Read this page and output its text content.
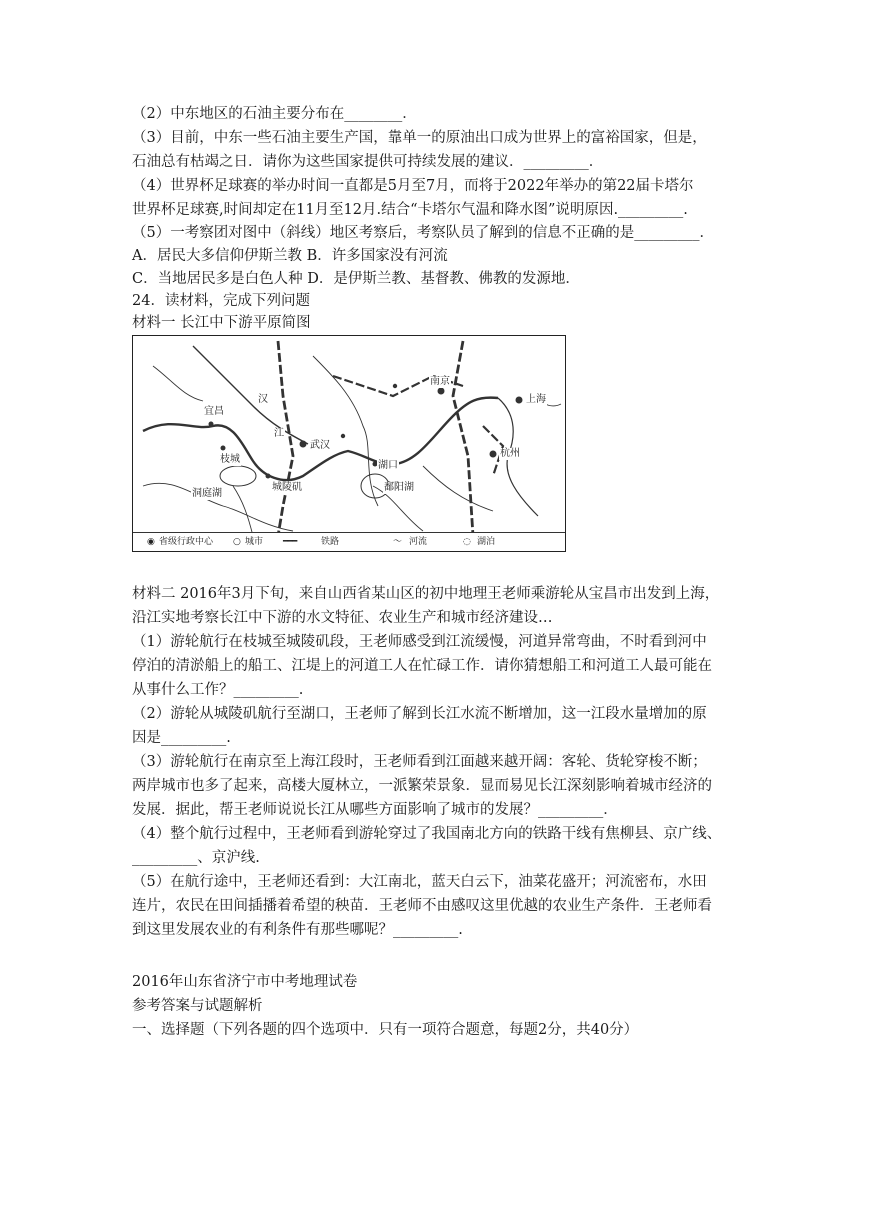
（2）中东地区的石油主要分布在________．
（3）目前，中东一些石油主要生产国，靠单一的原油出口成为世界上的富裕国家，但是，
石油总有枯竭之日．请你为这些国家提供可持续发展的建议．_________．
（4）世界杯足球赛的举办时间一直都是5月至7月，而将于2022年举办的第22届卡塔尔
世界杯足球赛,时间却定在11月至12月.结合“卡塔尔气温和降水图”说明原因._________.
（5）一考察团对图中（斜线）地区考察后，考察队员了解到的信息不正确的是_________．
A．居民大多信仰伊斯兰教 B．许多国家没有河流
C．当地居民多是白色人种 D．是伊斯兰教、基督教、佛教的发源地．
24．读材料，完成下列问题
材料一 长江中下游平原简图
宜昌
枝城
洞庭湖
城陵矶
武汉
汉
江
湖口
鄱阳湖
南京
上海
杭州
◉ 省级行政中心 ○ 城市 ━━━	铁路	〜 河流	◌ 湖泊
材料二 2016年3月下旬，来自山西省某山区的初中地理王老师乘游轮从宝昌市出发到上海，
沿江实地考察长江中下游的水文特征、农业生产和城市经济建设…
（1）游轮航行在枝城至城陵矶段，王老师感受到江流缓慢，河道异常弯曲，不时看到河中
停泊的清淤船上的船工、江堤上的河道工人在忙碌工作．请你猜想船工和河道工人最可能在
从事什么工作？_________.
（2）游轮从城陵矶航行至湖口，王老师了解到长江水流不断增加，这一江段水量增加的原
因是_________.
（3）游轮航行在南京至上海江段时，王老师看到江面越来越开阔：客轮、货轮穿梭不断；
两岸城市也多了起来，高楼大厦林立，一派繁荣景象．显而易见长江深刻影响着城市经济的
发展．据此，帮王老师说说长江从哪些方面影响了城市的发展？_________．
（4）整个航行过程中，王老师看到游轮穿过了我国南北方向的铁路干线有焦柳县、京广线、
_________、京沪线.
（5）在航行途中，王老师还看到：大江南北，蓝天白云下，油菜花盛开；河流密布，水田
连片，农民在田间插播着希望的秧苗．王老师不由感叹这里优越的农业生产条件．王老师看
到这里发展农业的有利条件有那些哪呢？_________.
2016年山东省济宁市中考地理试卷
参考答案与试题解析
一、选择题（下列各题的四个选项中．只有一项符合题意，每题2分，共40分）
